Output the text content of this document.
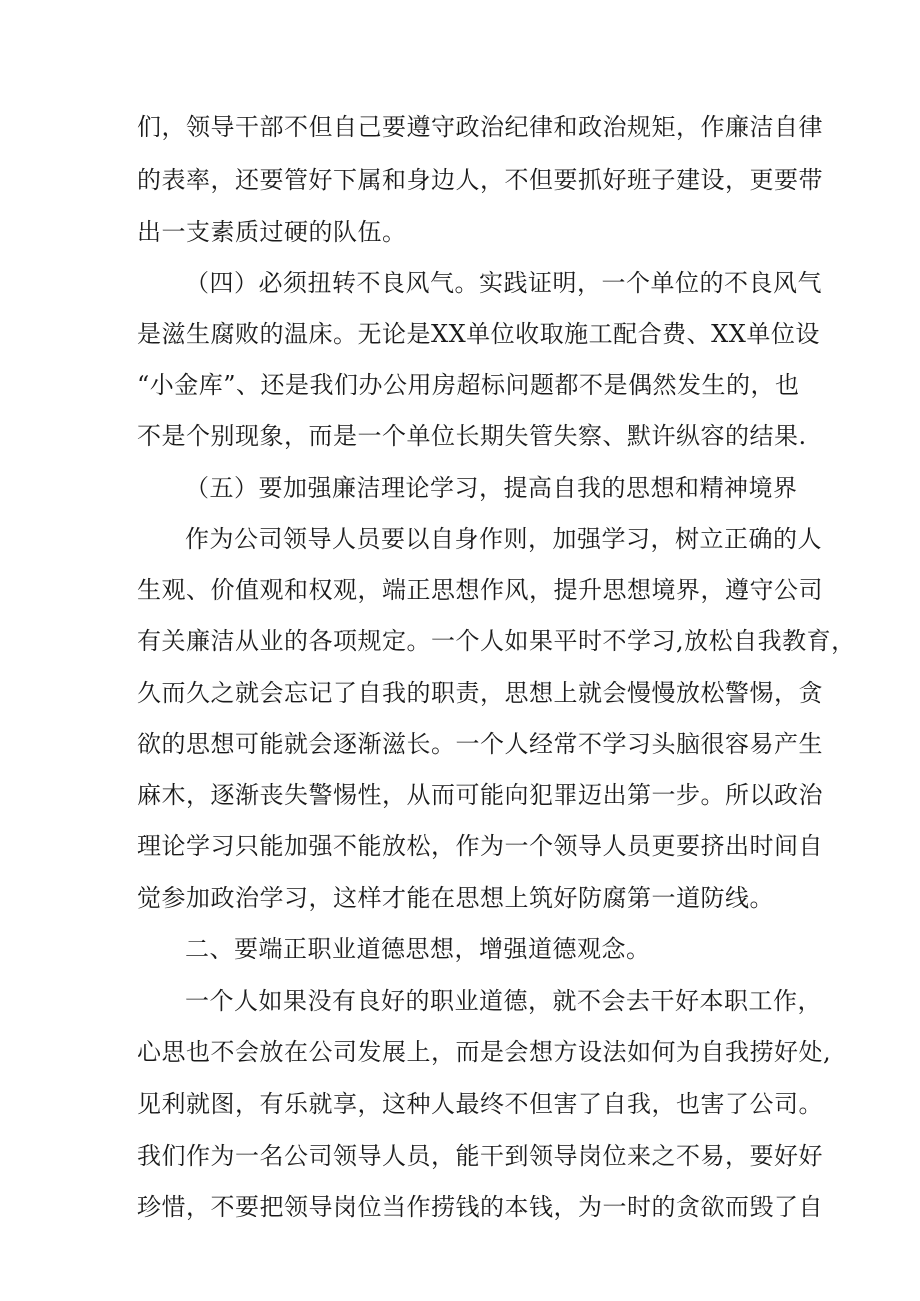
们，领导干部不但自己要遵守政治纪律和政治规矩，作廉洁自律
的表率，还要管好下属和身边人，不但要抓好班子建设，更要带
出一支素质过硬的队伍。
（四）必须扭转不良风气。实践证明，一个单位的不良风气
是滋生腐败的温床。无论是XX单位收取施工配合费、XX单位设
“小金库”、还是我们办公用房超标问题都不是偶然发生的，也
不是个别现象，而是一个单位长期失管失察、默许纵容的结果.
（五）要加强廉洁理论学习，提高自我的思想和精神境界
作为公司领导人员要以自身作则，加强学习，树立正确的人
生观、价值观和权观，端正思想作风，提升思想境界，遵守公司
有关廉洁从业的各项规定。一个人如果平时不学习,放松自我教育，
久而久之就会忘记了自我的职责，思想上就会慢慢放松警惕，贪
欲的思想可能就会逐渐滋长。一个人经常不学习头脑很容易产生
麻木，逐渐丧失警惕性，从而可能向犯罪迈出第一步。所以政治
理论学习只能加强不能放松，作为一个领导人员更要挤出时间自
觉参加政治学习，这样才能在思想上筑好防腐第一道防线。
二、要端正职业道德思想，增强道德观念。
一个人如果没有良好的职业道德，就不会去干好本职工作，
心思也不会放在公司发展上，而是会想方设法如何为自我捞好处,
见利就图，有乐就享，这种人最终不但害了自我，也害了公司。
我们作为一名公司领导人员，能干到领导岗位来之不易，要好好
珍惜，不要把领导岗位当作捞钱的本钱，为一时的贪欲而毁了自
